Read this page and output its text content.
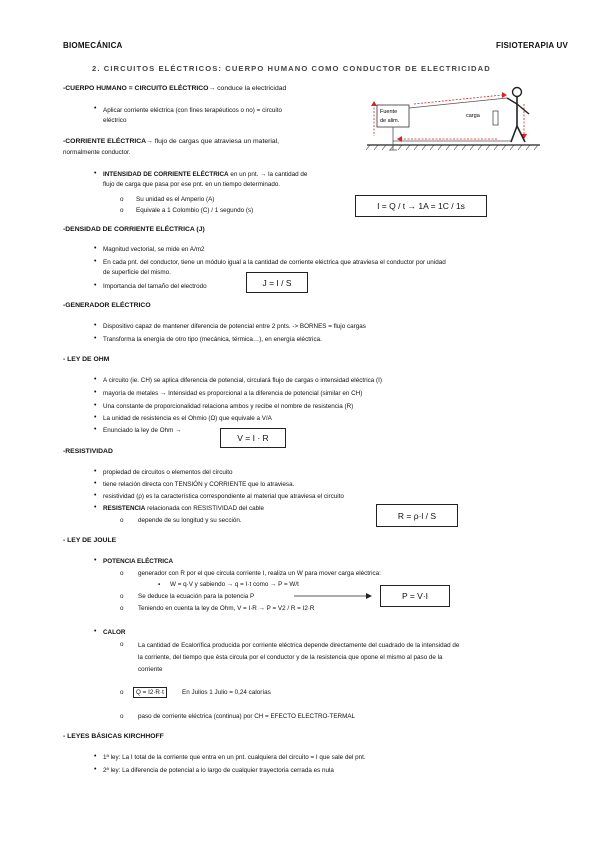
BIOMECÁNICA	FISIOTERAPIA UV
2. CIRCUITOS ELÉCTRICOS: CUERPO HUMANO COMO CONDUCTOR DE ELECTRICIDAD
-CUERPO HUMANO = CIRCUITO ELÉCTRICO→ conduce la electricidad
• Aplicar corriente eléctrica (con fines terapéuticos o no) = circuito
eléctrico
Fuente
de alim.
carga
-CORRIENTE ELÉCTRICA→ flujo de cargas que atraviesa un material,
normalmente conductor.
• INTENSIDAD DE CORRIENTE ELÉCTRICA en un pnt. → la cantidad de
flujo de carga que pasa por ese pnt. en un tiempo determinado.
o Su unidad es el Amperio (A)
o Equivale a 1 Colombio (C) / 1 segundo (s)	I = Q / t → 1A = 1C / 1s
-DENSIDAD DE CORRIENTE ELÉCTRICA (J)
• Magnitud vectorial, se mide en A/m2
• En cada pnt. del conductor, tiene un módulo igual a la cantidad de corriente eléctrica que atraviesa el conductor por unidad
de superficie del mismo.
• Importancia del tamaño del electrodo	J = I / S
-GENERADOR ELÉCTRICO
• Dispositivo capaz de mantener diferencia de potencial entre 2 pnts. -> BORNES = flujo cargas
• Transforma la energía de otro tipo (mecánica, térmica…), en energía eléctrica.
- LEY DE OHM
• A circuito (ie. CH) se aplica diferencia de potencial, circulará flujo de cargas o intensidad eléctrica (I)
• mayoría de metales → Intensidad es proporcional a la diferencia de potencial (similar en CH)
• Una constante de proporcionalidad relaciona ambos y recibe el nombre de resistencia (R)
• La unidad de resistencia es el Ohmio (Ω) que equivale a V/A
• Enunciado la ley de Ohm →
V = I · R
-RESISTIVIDAD
• propiedad de circuitos o elementos del circuito
• tiene relación directa con TENSIÓN y CORRIENTE que lo atraviesa.
• resistividad (ρ) es la característica correspondiente al material que atraviesa el circuito
• RESISTENCIA relacionada con RESISTIVIDAD del cable
o depende de su longitud y su sección.	R = ρ·l / S
- LEY DE JOULE
• POTENCIA ELÉCTRICA
o generador con R por el que circula corriente I, realiza un W para mover carga eléctrica:
▪ W = q·V y sabiendo → q = I·t como → P = W/t
o Se deduce la ecuación para la potencia P
o Teniendo en cuenta la ley de Ohm, V = I·R → P = V2 / R = I2·R
P = V·I
• CALOR
o La cantidad de Ecalorífica producida por corriente eléctrica depende directamente del cuadrado de la intensidad de
la corriente, del tiempo que ésta circula por el conductor y de la resistencia que opone el mismo al paso de la
corriente
o	Q = I2·R·t	En Julios 1 Julio = 0,24 calorías
o paso de corriente eléctrica (continua) por CH = EFECTO ELECTRO-TERMAL
- LEYES BÁSICAS KIRCHHOFF
• 1ª ley: La I total de la corriente que entra en un pnt. cualquiera del circuito = I que sale del pnt.
• 2ª ley: La diferencia de potencial a lo largo de cualquier trayectoria cerrada es nula
